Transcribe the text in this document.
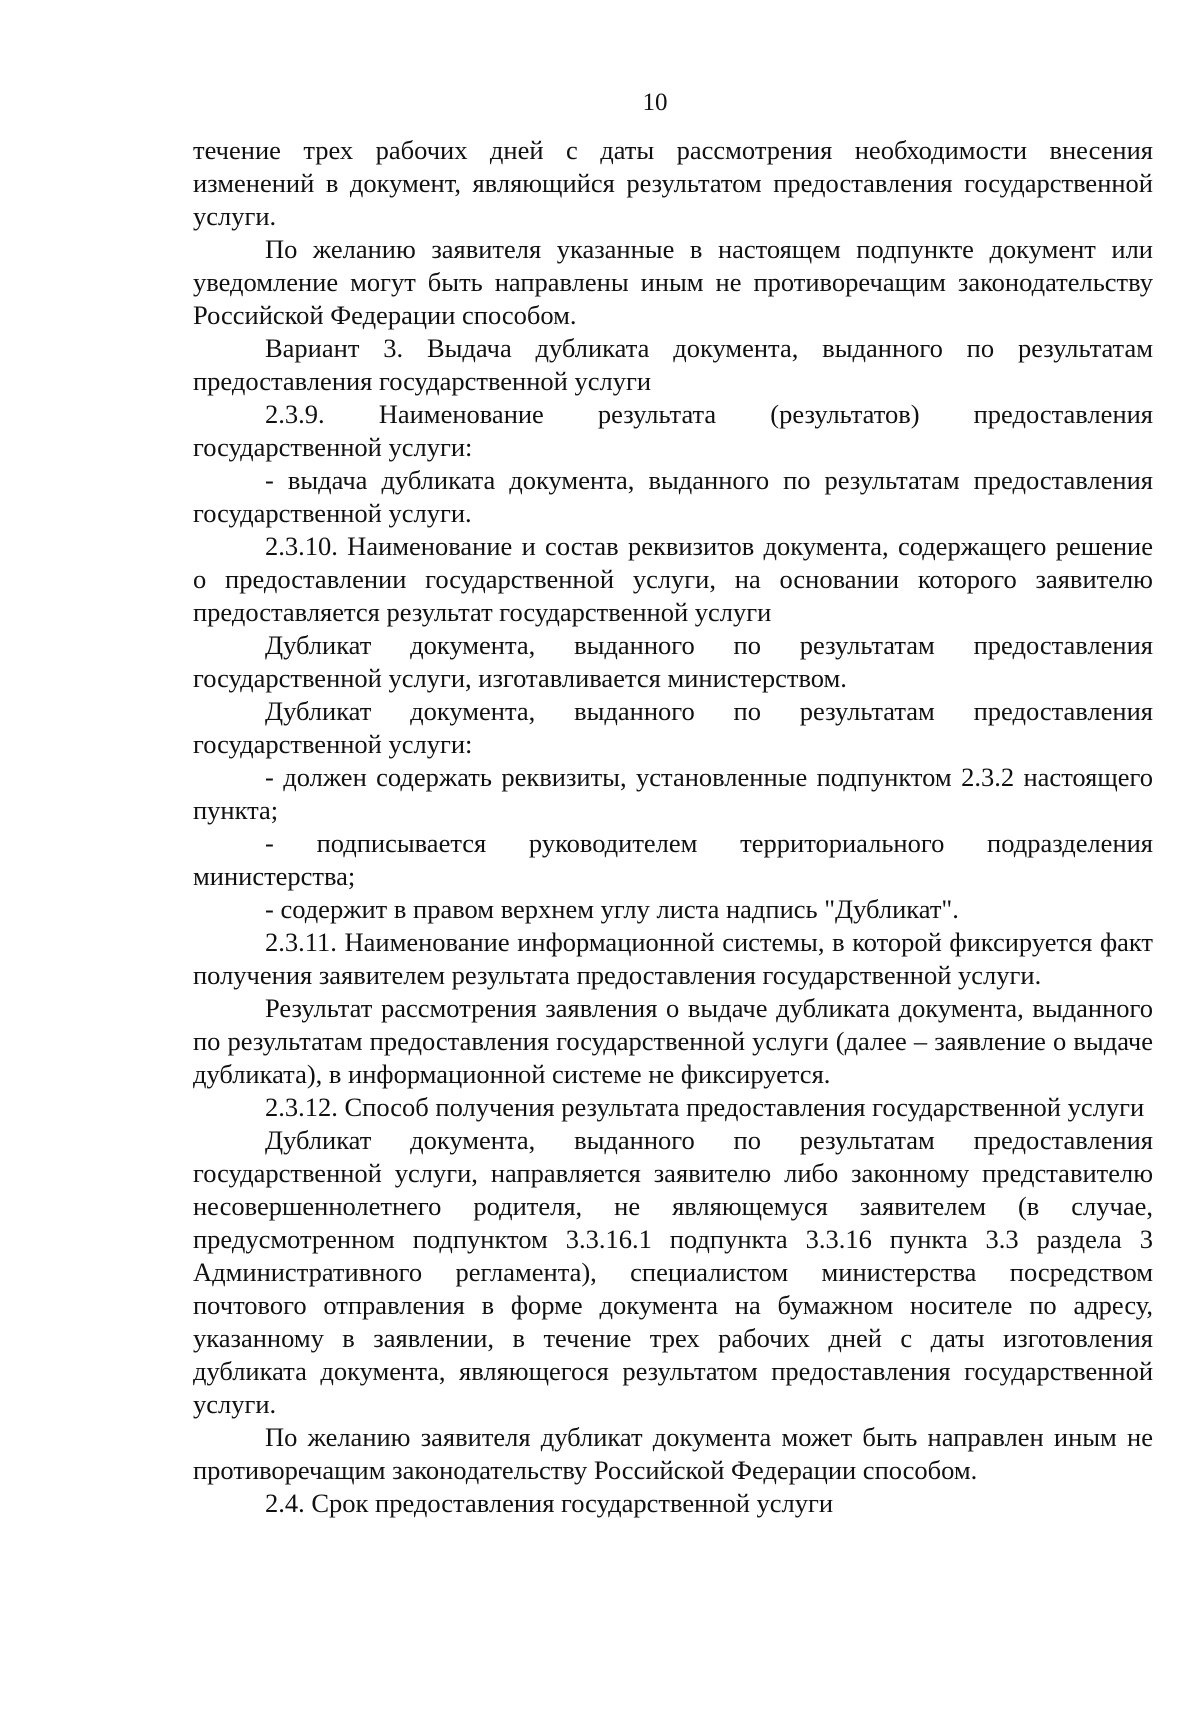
10

течение трех рабочих дней с даты рассмотрения необходимости внесения изменений в документ, являющийся результатом предоставления государственной услуги.

По желанию заявителя указанные в настоящем подпункте документ или уведомление могут быть направлены иным не противоречащим законодательству Российской Федерации способом.

Вариант 3. Выдача дубликата документа, выданного по результатам предоставления государственной услуги

2.3.9. Наименование результата (результатов) предоставления государственной услуги:

- выдача дубликата документа, выданного по результатам предоставления государственной услуги.

2.3.10. Наименование и состав реквизитов документа, содержащего решение о предоставлении государственной услуги, на основании которого заявителю предоставляется результат государственной услуги

Дубликат документа, выданного по результатам предоставления государственной услуги, изготавливается министерством.

Дубликат документа, выданного по результатам предоставления государственной услуги:

- должен содержать реквизиты, установленные подпунктом 2.3.2 настоящего пункта;

- подписывается руководителем территориального подразделения министерства;

- содержит в правом верхнем углу листа надпись "Дубликат".

2.3.11. Наименование информационной системы, в которой фиксируется факт получения заявителем результата предоставления государственной услуги.

Результат рассмотрения заявления о выдаче дубликата документа, выданного по результатам предоставления государственной услуги (далее – заявление о выдаче дубликата), в информационной системе не фиксируется.

2.3.12. Способ получения результата предоставления государственной услуги

Дубликат документа, выданного по результатам предоставления государственной услуги, направляется заявителю либо законному представителю несовершеннолетнего родителя, не являющемуся заявителем (в случае, предусмотренном подпунктом 3.3.16.1 подпункта 3.3.16 пункта 3.3 раздела 3 Административного регламента), специалистом министерства посредством почтового отправления в форме документа на бумажном носителе по адресу, указанному в заявлении, в течение трех рабочих дней с даты изготовления дубликата документа, являющегося результатом предоставления государственной услуги.

По желанию заявителя дубликат документа может быть направлен иным не противоречащим законодательству Российской Федерации способом.

2.4. Срок предоставления государственной услуги
